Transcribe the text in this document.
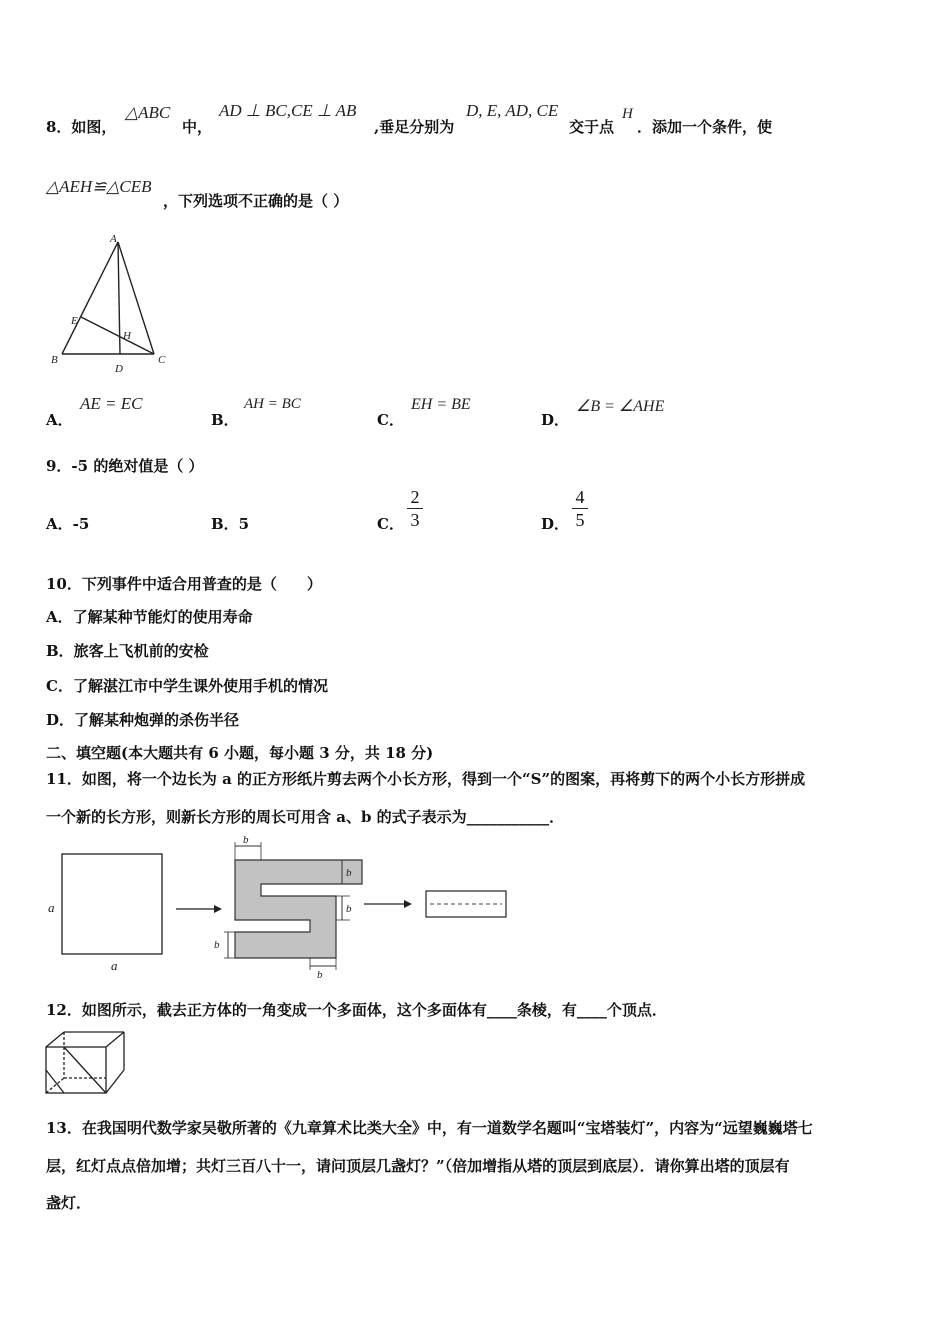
8．如图，
△ABC
中，
AD ⊥ BC,CE ⊥ AB
,垂足分别为
D, E, AD, CE
交于点
H
．添加一个条件，使
△AEH≌△CEB
，下列选项不正确的是（ ）
A
B	C
D
E
H
A．
AE = EC
B．
AH = BC
C．
EH = BE
D．
∠B = ∠AHE
9．-5 的绝对值是（ ）
A．-5	B．5	C．
2
3	D．
4
5
10．下列事件中适合用普查的是（　　）
A．了解某种节能灯的使用寿命
B．旅客上飞机前的安检
C．了解湛江市中学生课外使用手机的情况
D．了解某种炮弹的杀伤半径
二、填空题(本大题共有 6 小题，每小题 3 分，共 18 分)
11．如图，将一个边长为 a 的正方形纸片剪去两个小长方形，得到一个“S”的图案，再将剪下的两个小长方形拼成
一个新的长方形，则新长方形的周长可用含 a、b 的式子表示为___________．
a
a
b
b
b
b
b
12．如图所示，截去正方体的一角变成一个多面体，这个多面体有____条棱，有____个顶点．
13．在我国明代数学家吴敬所著的《九章算术比类大全》中，有一道数学名题叫“宝塔装灯”，内容为“远望巍巍塔七
层，红灯点点倍加增；共灯三百八十一，请问顶层几盏灯？”（倍加增指从塔的顶层到底层）．请你算出塔的顶层有
盏灯．
